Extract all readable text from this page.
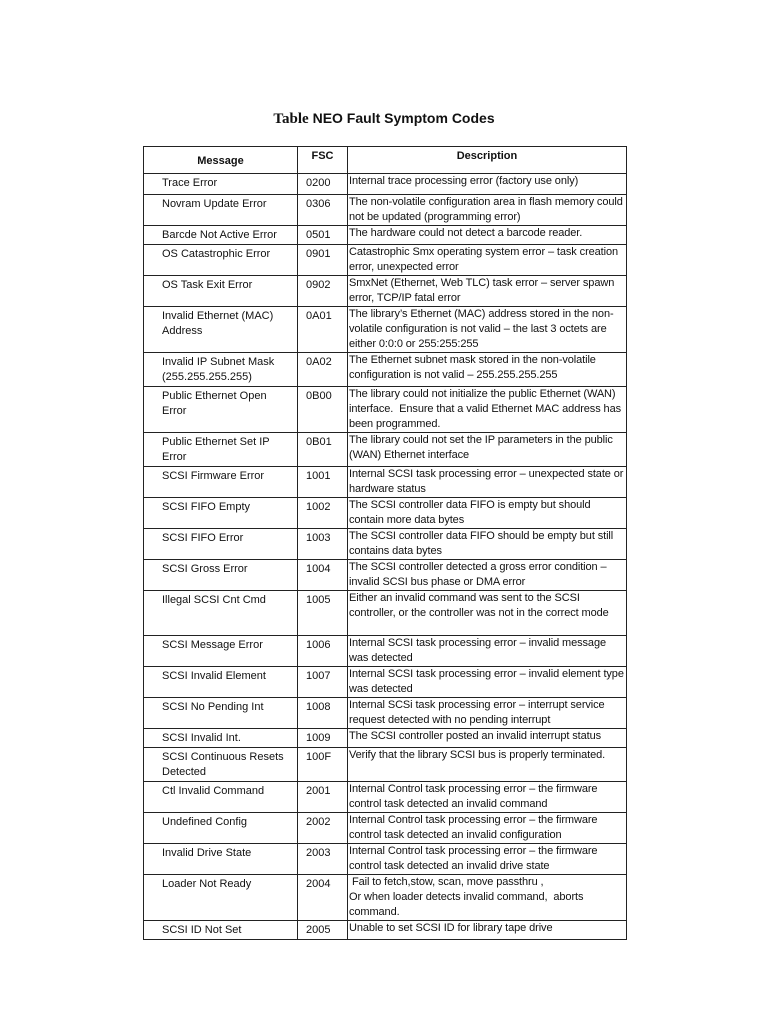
Table NEO Fault Symptom Codes
Message	FSC	Description
Trace Error	0200	Internal trace processing error (factory use only)
Novram Update Error	0306	The non-volatile configuration area in flash memory could not be updated (programming error)
Barcde Not Active Error	0501	The hardware could not detect a barcode reader.
OS Catastrophic Error	0901	Catastrophic Smx operating system error – task creation error, unexpected error
OS Task Exit Error	0902	SmxNet (Ethernet, Web TLC) task error – server spawn error, TCP/IP fatal error
Invalid Ethernet (MAC) Address	0A01	The library’s Ethernet (MAC) address stored in the non-volatile configuration is not valid – the last 3 octets are either 0:0:0 or 255:255:255
Invalid IP Subnet Mask (255.255.255.255)	0A02	The Ethernet subnet mask stored in the non-volatile configuration is not valid – 255.255.255.255
Public Ethernet Open Error	0B00	The library could not initialize the public Ethernet (WAN) interface.  Ensure that a valid Ethernet MAC address has been programmed.
Public Ethernet Set IP Error	0B01	The library could not set the IP parameters in the public (WAN) Ethernet interface
SCSI Firmware Error	1001	Internal SCSI task processing error – unexpected state or hardware status
SCSI FIFO Empty	1002	The SCSI controller data FIFO is empty but should contain more data bytes
SCSI FIFO Error	1003	The SCSI controller data FIFO should be empty but still contains data bytes
SCSI Gross Error	1004	The SCSI controller detected a gross error condition – invalid SCSI bus phase or DMA error
Illegal SCSI Cnt Cmd	1005	Either an invalid command was sent to the SCSI controller, or the controller was not in the correct mode
SCSI Message Error	1006	Internal SCSI task processing error – invalid message was detected
SCSI Invalid Element	1007	Internal SCSI task processing error – invalid element type was detected
SCSI No Pending Int	1008	Internal SCSi task processing error – interrupt service request detected with no pending interrupt
SCSI Invalid Int.	1009	The SCSI controller posted an invalid interrupt status
SCSI Continuous Resets Detected	100F	Verify that the library SCSI bus is properly terminated.
Ctl Invalid Command	2001	Internal Control task processing error – the firmware control task detected an invalid command
Undefined Config	2002	Internal Control task processing error – the firmware control task detected an invalid configuration
Invalid Drive State	2003	Internal Control task processing error – the firmware control task detected an invalid drive state
Loader Not Ready	2004	Fail to fetch,stow, scan, move passthru ,
Or when loader detects invalid command,  aborts command.
SCSI ID Not Set	2005	Unable to set SCSI ID for library tape drive
